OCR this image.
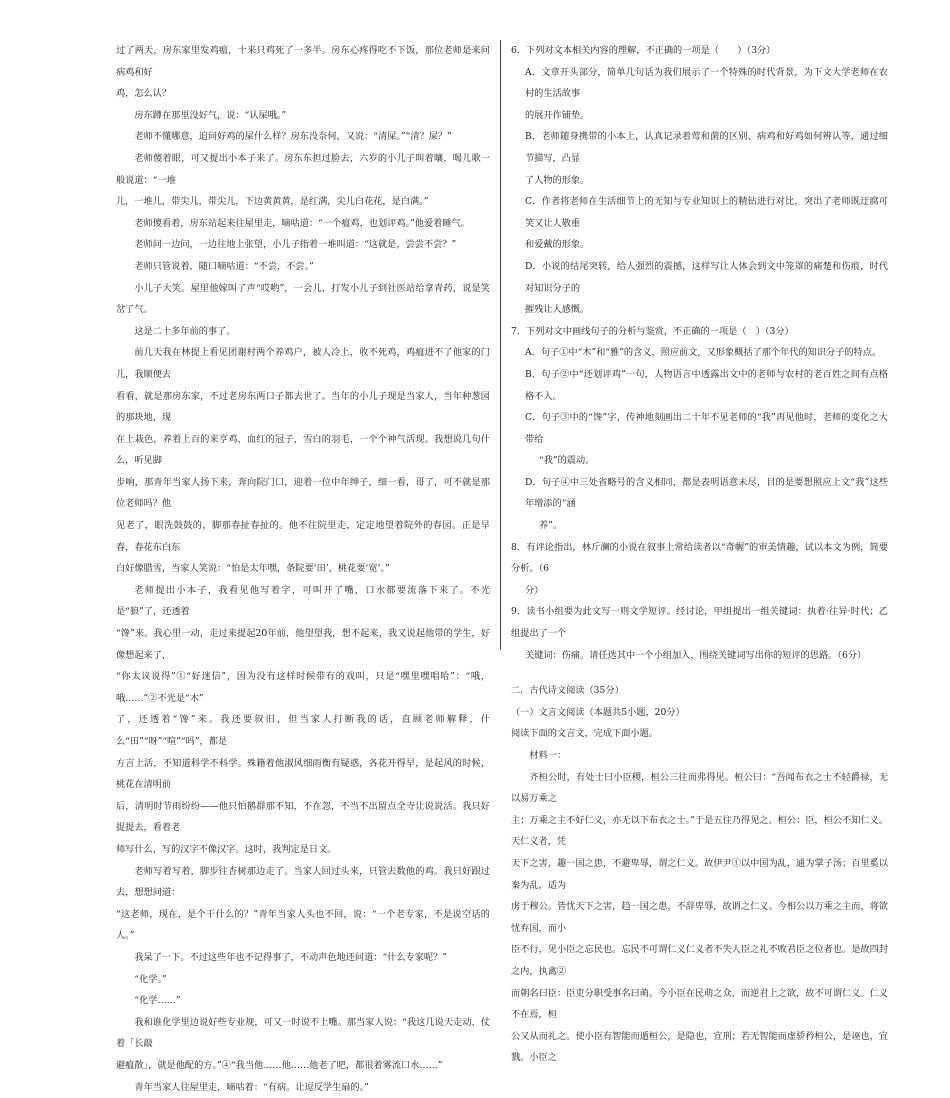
过了两天，房东家里发鸡瘟，十来只鸡死了一多半。房东心疼得吃不下饭，那位老师是来问病鸡和好

鸡，怎么认？

房东蹲在那里没好气，说：“认屎哦。”

老师不懂哪意，追问好鸡的屎什么样？房东没奈何，又说：“清屎。”“清？屎？”

老师傻着眼，可又提出小本子来了。房东东担过脸去，六岁的小儿子叫着嚷，喝儿歌一般说道：“一堆

儿，一堆儿，带尖儿，带尖儿，下边黄黄黄，是红满，尖儿白花花，是白满。”

老师傻看着，房东站起来往屋里走，嘀咕道：“一个瘟鸡，也划评鸡。”他爱着睡气。

老师问一边问，一边往地上张望，小儿子指着一堆叫道：“这就是，尝尝不尝？”

老师只管说着，随口嘀咕道：“不尝，不尝。”

小儿子大笑。屋里他嫁叫了声“哎哟”，一会儿，打发小儿子到社医站给拿青药，说是笑岔了气。

这是二十多年前的事了。

前几天我在林提上看见团谢村两个养鸡户，被人冷上，收不死鸡，鸡瘟进不了他家的门儿，我顺便去

看看，就是那房东家，不过老房东两口子都去世了。当年的小儿子现是当家人，当年种葱园的那块地，现

在上栽色，养着上百的来亨鸡，血红的冠子，雪白的羽毛，一个个神气活现。我想说几句什么，听见脚

步响，那青年当家人扬下来，奔向院门口，迎着一位中年绅子，细一看，哥了，可不就是那位老师吗？他

见老了，眼洗鼓鼓的，脚那春扯春扯的。他不往院里走，定定地望着院外的春园。正是早春，春花东白东

白好像腊雪，当家人笑说：“怕是太年嘿，条院要‘田’，桃花要‘宽’。”

老师提出小本子，我看见他写着字，可叫开了嘴，口水都要流落下来了。不光是“狼”了，还透着

“馋”来。我心里一动，走过来提起20年前，他望望我，想不起来，我又说起他带的学生，好像想起来了，

“你太议说得”①“好迷信”，因为没有这样时候带有的戏叫，只是“嘿里嘿唱哈”：“哦，哦……”②不光是“木”

了，还透着“馋”来。我还要叙旧，但当家人打断我的话，直顾老师解释，什么“田”“呀”“喧”“吗”，都是

方言上活，不知道科学不科学。殊籍着他淑风细雨衡有疑惑，各花开得早，是起风的时候，桃花在清明前

后，清明时节雨纷纷——他只怕鹅群那不知，不在忽，不当不出留点全寺让说说活。我只好捉提去，看着老

师写什么，写的汉字不像汉字。这时，我判定是日文。

老师写着写着，脚步往杏树那边走了。当家人回过头来，只管去数他的鸡。我只好跟过去，想想问道：

“这老师，现在，是个干什么的？”青年当家人头也不回，说：“一个老专家，不是说空话的人。”

我呆了一下。不过这些年也不记得事了，不动声色地还问道：“什么专家呢？”

“化学。”

“化学……”

我和谁化学里边说好些专业规，可又一时说不上嘴。那当家人说：“我这几说天走动，仗着「长敲

避瘟散」，就是他配的方。”④“我当他……他……他老了吧，都很着雾流口水……”

青年当家人往屋里走，嘀咕着：“有病。让逗反学生扇的。”

6．下列对文本相关内容的理解，不正确的一项是（　　）（3分）

A．文章开头部分，简单几句话为我们展示了一个特殊的时代背景，为下文大学老师在农村的生活故事

的展开作铺垫。

B．老师随身携带的小本上，认真记录着莺和菌的区别、病鸡和好鸡如何辨认等，通过细节描写，凸显

了人物的形象。

C．作者将老师在生活细节上的无知与专业知识上的精钻进行对比，突出了老师既迂腐可笑又让人敬重

和爱戴的形象。

D．小说的结尾突转，给人强烈的震撼，这样写让人体会到文中笼罩的痛楚和伤痕，时代对知识分子的

摧残让人感慨。

7．下列对文中画线句子的分析与鉴赏，不正确的一项是（　）（3分）

A．句子①中“木”和“雅”的含义，照应前文，又形象概括了那个年代的知识分子的特点。

B．句子②中“还划评鸡”一句，人物语言中透露出文中的老师与农村的老百姓之间有点格格不入。

C．句子③中的“馋”字，传神地刻画出二十年不见老师的“我”再见他时，老师的变化之大带给

“我”的震动。

D．句子④中三处省略号的含义相同，都是表明语意未尽，目的是要想照应上文“我”这些年增添的“涵

养”。

8．有评论指出，林斤澜的小说在叙事上常给读者以“奇幄”的审美情趣，试以本文为例，简要分析。（6

分）

9．读书小组要为此文写一则文学短评。经讨论，甲组提出一组关键词：执着·往异·时代；乙组提出了一个

关键词：伤痛。请任选其中一个小组加入，围绕关键词写出你的短评的思路。（6分）

二．古代诗文阅读（35分）

（一）文言文阅读（本题共5小题，20分）

阅读下面的文言文，完成下面小题。

材料一：

齐桓公时，有处士曰小臣稷，桓公三往而弗得见。桓公曰：“吾闻布衣之士不轻爵禄，无以易万乘之

主；万乘之主不好仁义，亦无以下布衣之士。”于是五往乃得见之。桓公：臣，桓公不知仁义。天仁义者，凭

天下之害，趣一国之患，不避卑辱，谓之仁义。故伊尹①以中国为乱，通为掌子汤；百里奚以秦为乱，适为

虏于穆公。皆忧天下之害，趋一国之患，不辞卑辱，故谓之仁义。今相公以万乘之主而，将欲忧弃国，而小

臣不行，见小臣之忘民也。忘民不可谓仁义仁义者不失人臣之礼不败君臣之位者也。是故四封之内，执禽②

而朝名曰臣：臣吏分职受事名曰萌。今小臣在民萌之众，而逆君上之欲，故不可谓仁义。仁义不在焉，桓

公又从而礼之。使小臣有智能而遁桓公，是隐也，宜刑；若无智能而虚骄矜桓公，是诬也，宜戮。小臣之
